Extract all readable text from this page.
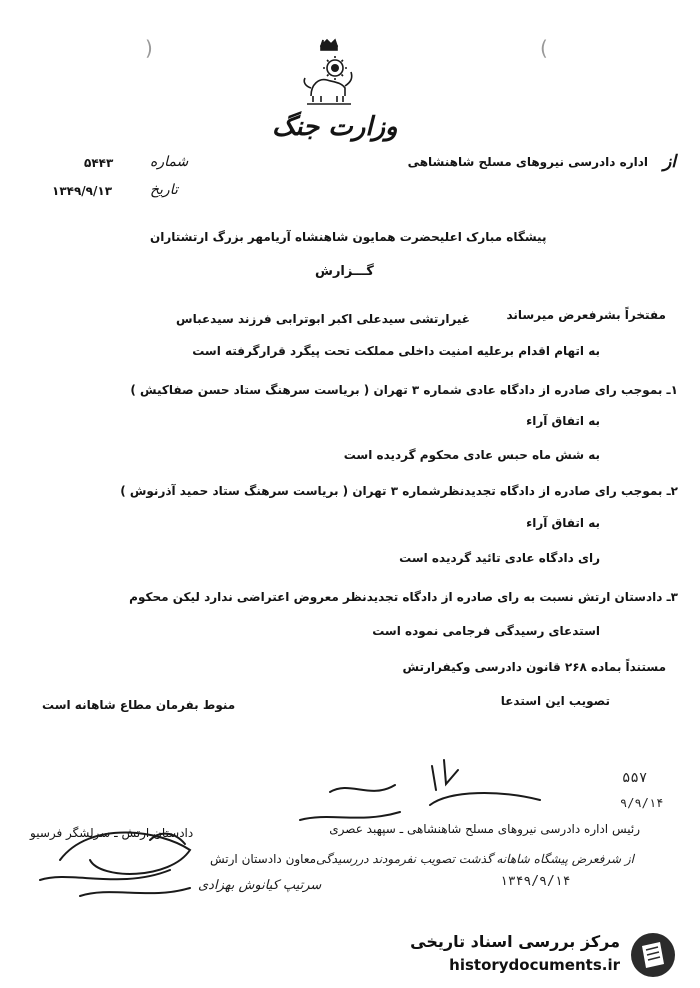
(	)
وزارت جنگ
از
اداره دادرسی نیروهای مسلح شاهنشاهی
شماره
۵۴۴۳
تاریخ
۱۳۴۹/۹/۱۳
پیشگاه مبارک اعلیحضرت همایون شاهنشاه آریامهر بزرگ ارتشتاران
گـــزارش
مفتخراً بشرفعرض میرساند
غیرارتشی سیدعلی اکبر ابوترابی فرزند سیدعباس
به اتهام اقدام برعلیه امنیت داخلی مملکت تحت پیگرد قرارگرفته است
۱ـ بموجب رای صادره از دادگاه عادی شماره ۳ تهران ( بریاست سرهنگ ستاد حسن صفاکیش )
به اتفاق آراء
به شش ماه حبس عادی محکوم گردیده است
۲ـ بموجب رای صادره از دادگاه تجدیدنظرشماره ۳ تهران ( بریاست سرهنگ ستاد حمید آذرنوش )
به اتفاق آراء
رای دادگاه عادی تائید گردیده است
۳ـ دادستان ارتش نسبت به رای صادره از دادگاه تجدیدنظر معروض اعتراضی ندارد لیکن محکوم
استدعای رسیدگی فرجامی نموده است
مستنداً بماده ۲۶۸ قانون دادرسی وکیفرارتش
تصویب این استدعا
منوط بفرمان مطاع شاهانه است
۵۵۷
۹/۹/۱۴
رئیس اداره دادرسی نیروهای مسلح شاهنشاهی ـ سپهبد عصری
دادستان ارتش ـ سرلشگر فرسیو
معاون دادستان ارتش
سرتیپ کیانوش بهزادی
از شرفعرض پیشگاه شاهانه گذشت تصویب نفرمودند دررسیدگی
۱۳۴۹/۹/۱۴
مرکز بررسی اسناد تاریخی
historydocuments.ir
